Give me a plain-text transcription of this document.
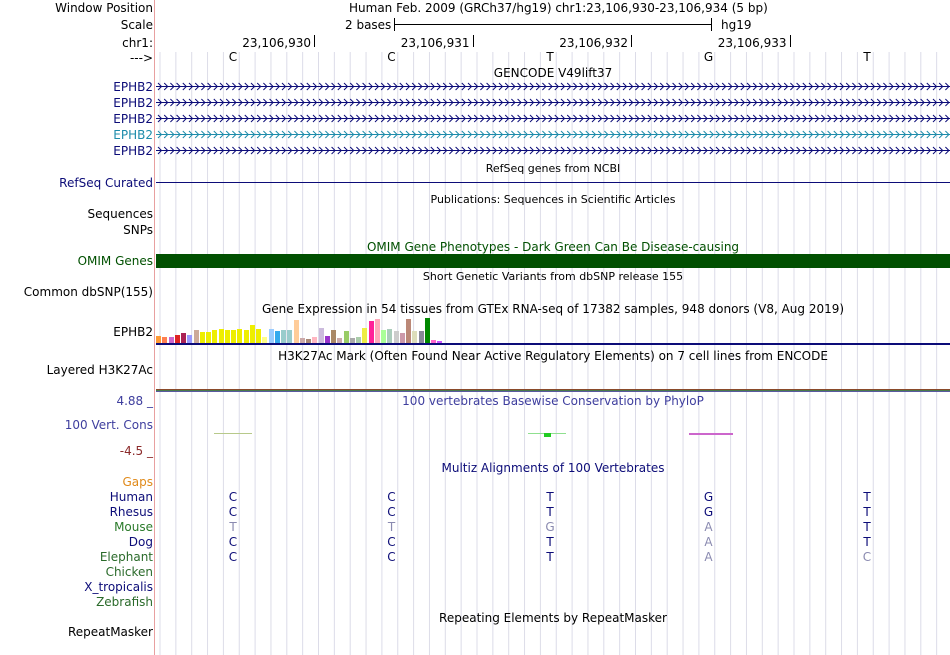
Window Position	Human Feb. 2009 (GRCh37/hg19) chr1:23,106,930-23,106,934 (5 bp)
Scale	2 bases	hg19
chr1:	23,106,930	23,106,931	23,106,932	23,106,933
--->	C	C	T	G	T
GENCODE V49lift37
EPHB2
EPHB2
EPHB2
EPHB2
EPHB2
RefSeq genes from NCBI
RefSeq Curated
Publications: Sequences in Scientific Articles
Sequences
SNPs
OMIM Gene Phenotypes - Dark Green Can Be Disease-causing
OMIM Genes
Short Genetic Variants from dbSNP release 155
Common dbSNP(155)
Gene Expression in 54 tissues from GTEx RNA-seq of 17382 samples, 948 donors (V8, Aug 2019)
EPHB2
H3K27Ac Mark (Often Found Near Active Regulatory Elements) on 7 cell lines from ENCODE
Layered H3K27Ac
4.88 _	100 vertebrates Basewise Conservation by PhyloP
100 Vert. Cons
-4.5 _
Multiz Alignments of 100 Vertebrates
Gaps
Human	C	C	T	G	T
Rhesus	C	C	T	G	T
Mouse	T	T	G	A	T
Dog	C	C	T	A	T
Elephant	C	C	T	A	C
Chicken
X_tropicalis
Zebrafish
Repeating Elements by RepeatMasker
RepeatMasker
